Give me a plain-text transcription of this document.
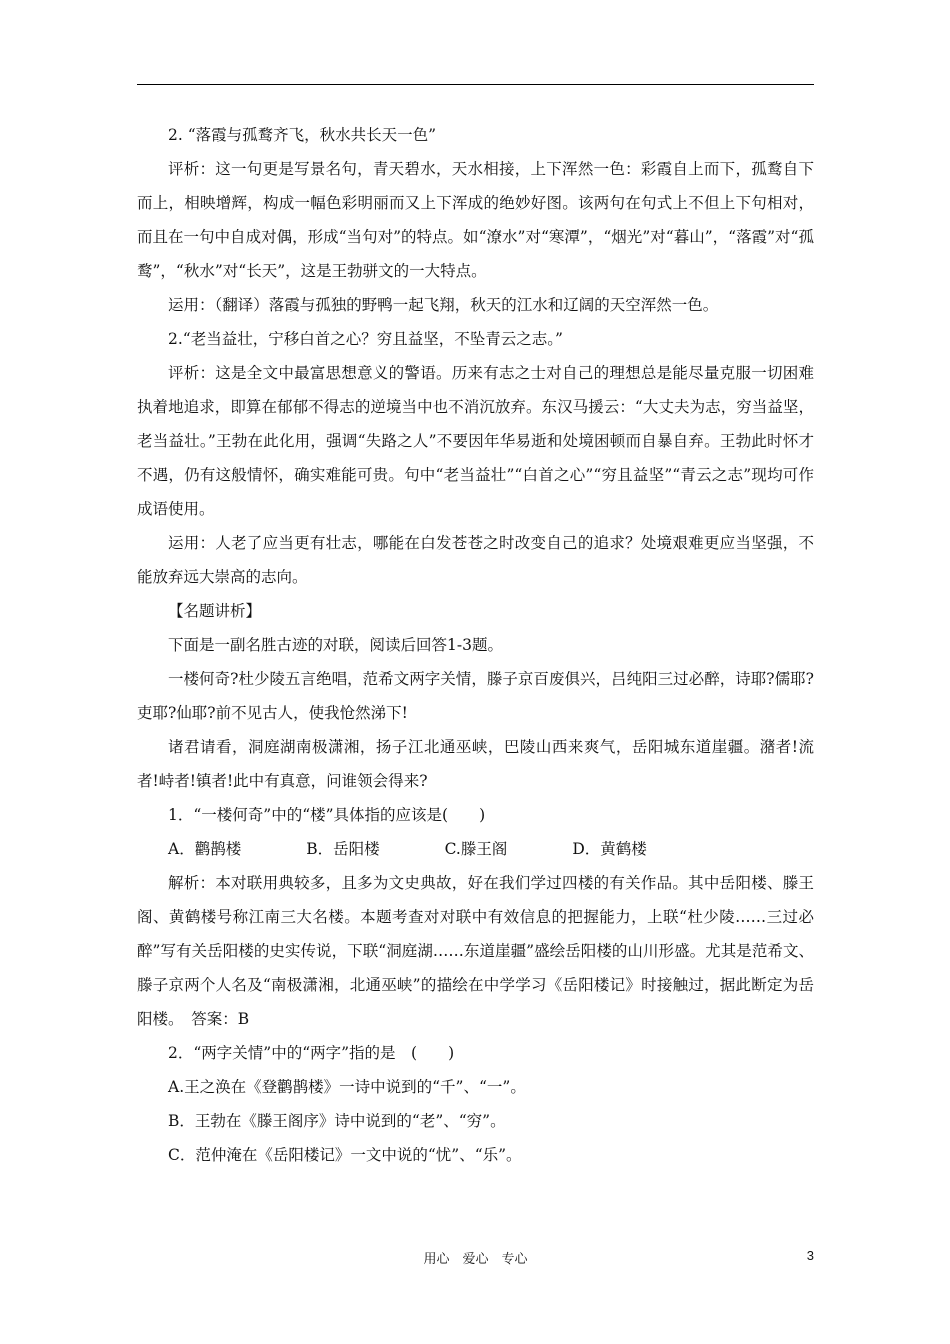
2. “落霞与孤鹜齐飞，秋水共长天一色”

评析：这一句更是写景名句，青天碧水，天水相接，上下浑然一色：彩霞自上而下，孤鹜自下而上，相映增辉，构成一幅色彩明丽而又上下浑成的绝妙好图。该两句在句式上不但上下句相对，而且在一句中自成对偶，形成“当句对”的特点。如“潦水”对“寒潭”，“烟光”对“暮山”，“落霞”对“孤鹜”，“秋水”对“长天”，这是王勃骈文的一大特点。

运用：（翻译）落霞与孤独的野鸭一起飞翔，秋天的江水和辽阔的天空浑然一色。

2.“老当益壮，宁移白首之心？穷且益坚，不坠青云之志。”

评析：这是全文中最富思想意义的警语。历来有志之士对自己的理想总是能尽量克服一切困难执着地追求，即算在郁郁不得志的逆境当中也不消沉放弃。东汉马援云：“大丈夫为志，穷当益坚，老当益壮。”王勃在此化用，强调“失路之人”不要因年华易逝和处境困顿而自暴自弃。王勃此时怀才不遇，仍有这般情怀，确实难能可贵。句中“老当益壮”“白首之心”“穷且益坚”“青云之志”现均可作成语使用。

运用：人老了应当更有壮志，哪能在白发苍苍之时改变自己的追求？处境艰难更应当坚强，不能放弃远大崇高的志向。

【名题讲析】

下面是一副名胜古迹的对联，阅读后回答1-3题。

一楼何奇?杜少陵五言绝唱，范希文两字关情，滕子京百废俱兴，吕纯阳三过必醉，诗耶?儒耶?吏耶?仙耶?前不见古人，使我怆然涕下!

诸君请看，洞庭湖南极潇湘，扬子江北通巫峡，巴陵山西来爽气，岳阳城东道崖疆。潴者!流者!峙者!镇者!此中有真意，问谁领会得来?

1．“一楼何奇”中的“楼”具体指的应该是(　　)

A．鹳鹊楼	B．岳阳楼	C.滕王阁	D．黄鹤楼

解析：本对联用典较多，且多为文史典故，好在我们学过四楼的有关作品。其中岳阳楼、滕王阁、黄鹤楼号称江南三大名楼。本题考查对对联中有效信息的把握能力，上联“杜少陵……三过必醉”写有关岳阳楼的史实传说，下联“洞庭湖……东道崖疆”盛绘岳阳楼的山川形盛。尤其是范希文、滕子京两个人名及“南极潇湘，北通巫峡”的描绘在中学学习《岳阳楼记》时接触过，据此断定为岳阳楼。　答案：B

2．“两字关情”中的“两字”指的是　(　　)

A.王之涣在《登鹳鹊楼》一诗中说到的“千”、“一”。

B．王勃在《滕王阁序》诗中说到的“老”、“穷”。

C．范仲淹在《岳阳楼记》一文中说的“忧”、“乐”。

用心　爱心　专心	3
